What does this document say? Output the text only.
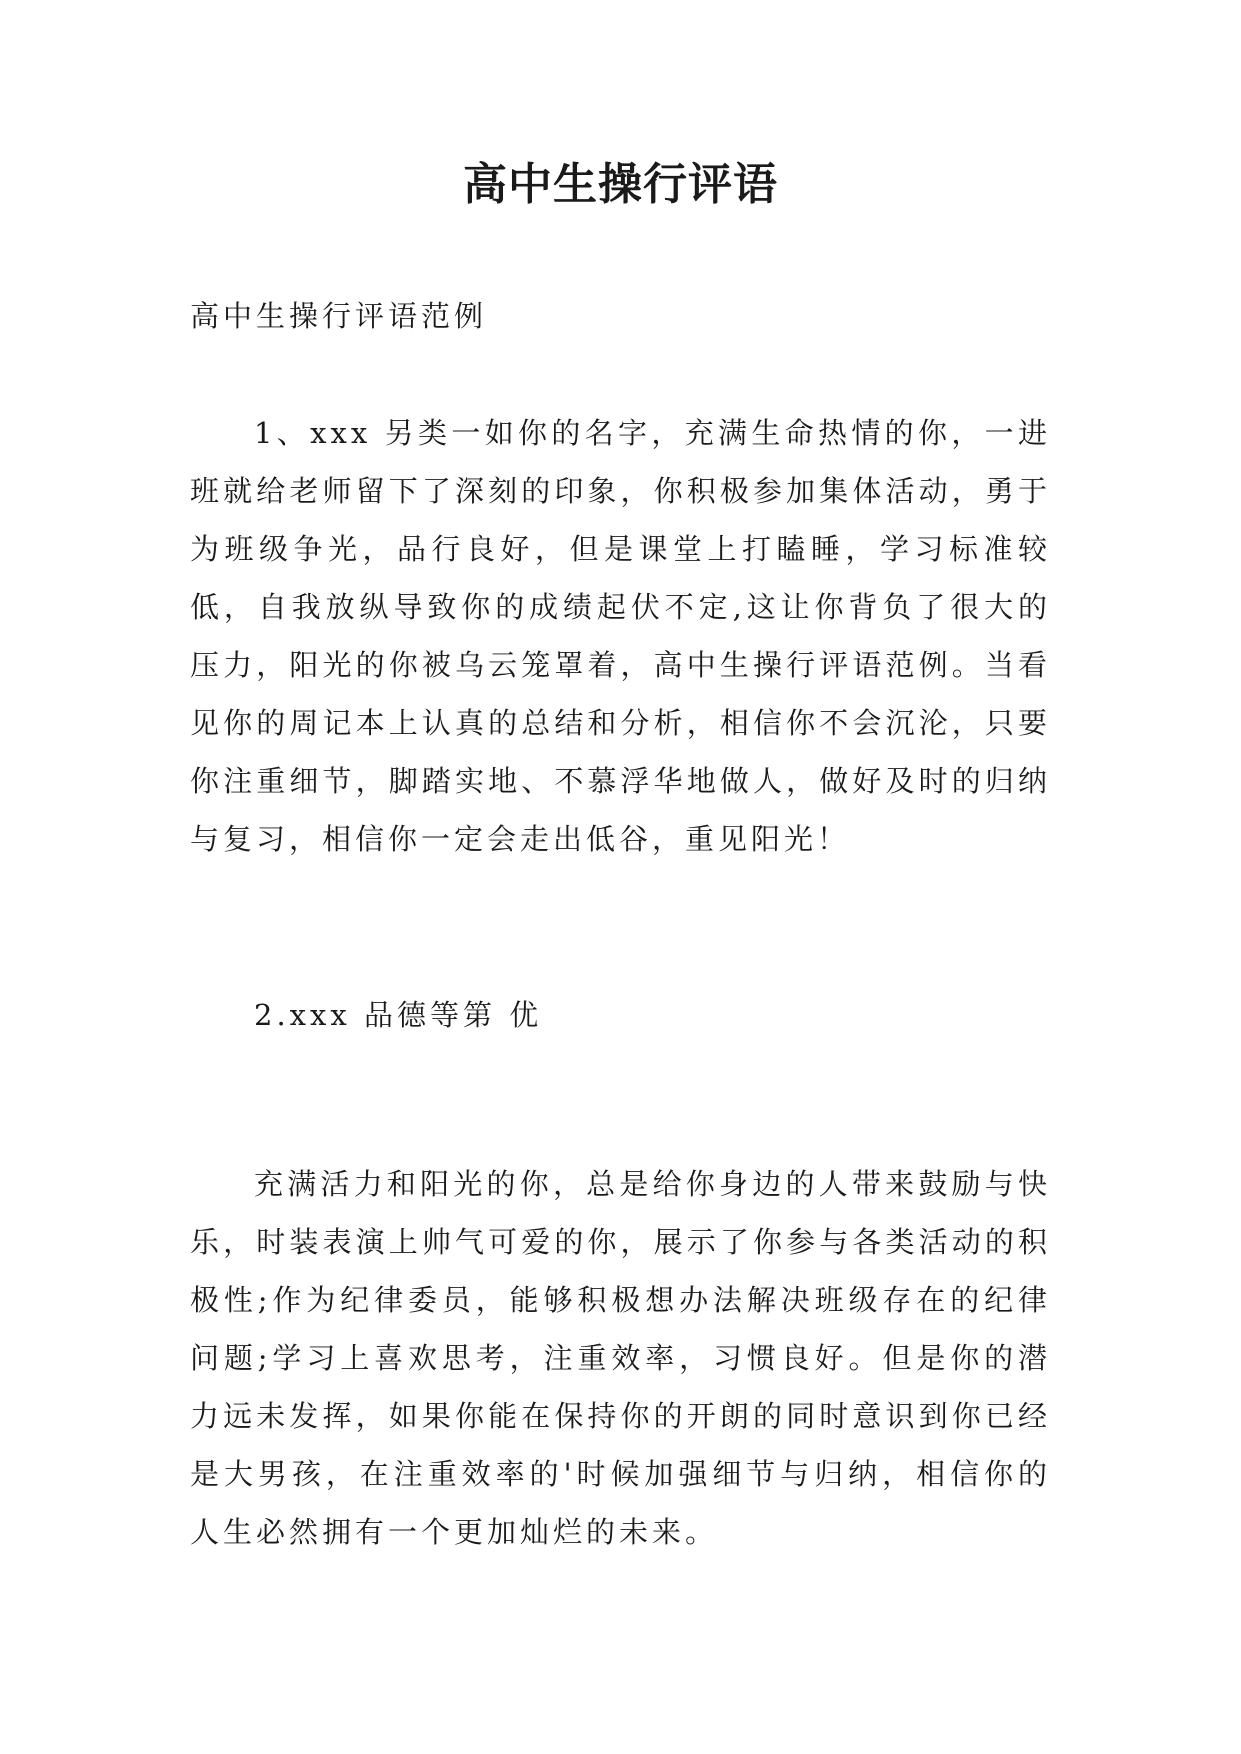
高中生操行评语

高中生操行评语范例

1、xxx 另类一如你的名字，充满生命热情的你，一进班就给老师留下了深刻的印象，你积极参加集体活动，勇于为班级争光，品行良好，但是课堂上打瞌睡，学习标准较低，自我放纵导致你的成绩起伏不定,这让你背负了很大的压力，阳光的你被乌云笼罩着，高中生操行评语范例。当看见你的周记本上认真的总结和分析，相信你不会沉沦，只要你注重细节，脚踏实地、不慕浮华地做人，做好及时的归纳与复习，相信你一定会走出低谷，重见阳光！

2.xxx 品德等第 优

充满活力和阳光的你，总是给你身边的人带来鼓励与快乐，时装表演上帅气可爱的你，展示了你参与各类活动的积极性;作为纪律委员，能够积极想办法解决班级存在的纪律问题;学习上喜欢思考，注重效率，习惯良好。但是你的潜力远未发挥，如果你能在保持你的开朗的同时意识到你已经是大男孩，在注重效率的'时候加强细节与归纳，相信你的人生必然拥有一个更加灿烂的未来。
